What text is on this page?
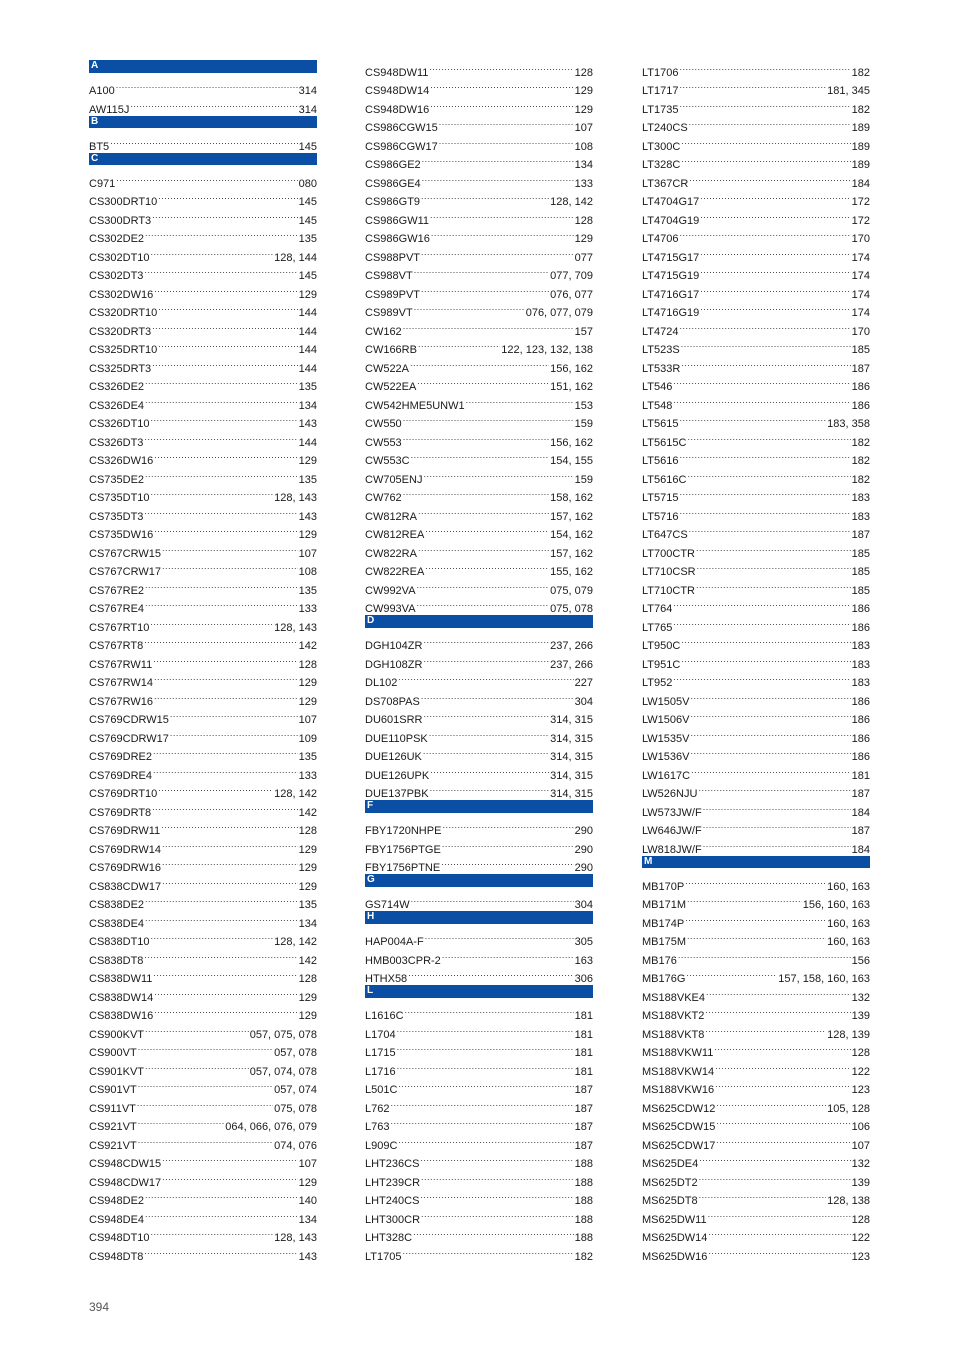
A
A100 .....	314
AW115J .....	314
B
BT5 .....	145
C
C971 .....	080
CS300DRT10 .....	145
CS300DRT3 .....	145
CS302DE2 .....	135
CS302DT10 .....	128, 144
CS302DT3 .....	145
CS302DW16 .....	129
CS320DRT10 .....	144
CS320DRT3 .....	144
CS325DRT10 .....	144
CS325DRT3 .....	144
CS326DE2 .....	135
CS326DE4 .....	134
CS326DT10 .....	143
CS326DT3 .....	144
CS326DW16 .....	129
CS735DE2 .....	135
CS735DT10 .....	128, 143
CS735DT3 .....	143
CS735DW16 .....	129
CS767CRW15 .....	107
CS767CRW17 .....	108
CS767RE2 .....	135
CS767RE4 .....	133
CS767RT10 .....	128, 143
CS767RT8 .....	142
CS767RW11 .....	128
CS767RW14 .....	129
CS767RW16 .....	129
CS769CDRW15 .....	107
CS769CDRW17 .....	109
CS769DRE2 .....	135
CS769DRE4 .....	133
CS769DRT10 .....	128, 142
CS769DRT8 .....	142
CS769DRW11 .....	128
CS769DRW14 .....	129
CS769DRW16 .....	129
CS838CDW17 .....	129
CS838DE2 .....	135
CS838DE4 .....	134
CS838DT10 .....	128, 142
CS838DT8 .....	142
CS838DW11 .....	128
CS838DW14 .....	129
CS838DW16 .....	129
CS900KVT .....	057, 075, 078
CS900VT .....	057, 078
CS901KVT .....	057, 074, 078
CS901VT .....	057, 074
CS911VT .....	075, 078
CS921VT .....	064, 066, 076, 079
CS921VT .....	074, 076
CS948CDW15 .....	107
CS948CDW17 .....	129
CS948DE2 .....	140
CS948DE4 .....	134
CS948DT10 .....	128, 143
CS948DT8 .....	143
CS948DW11 .....	128
CS948DW14 .....	129
CS948DW16 .....	129
CS986CGW15 .....	107
CS986CGW17 .....	108
CS986GE2 .....	134
CS986GE4 .....	133
CS986GT9 .....	128, 142
CS986GW11 .....	128
CS986GW16 .....	129
CS988PVT .....	077
CS988VT .....	077, 709
CS989PVT .....	076, 077
CS989VT .....	076, 077, 079
CW162 .....	157
CW166RB .....	122, 123, 132, 138
CW522A .....	156, 162
CW522EA .....	151, 162
CW542HME5UNW1 .....	153
CW550 .....	159
CW553 .....	156, 162
CW553C .....	154, 155
CW705ENJ .....	159
CW762 .....	158, 162
CW812RA .....	157, 162
CW812REA .....	154, 162
CW822RA .....	157, 162
CW822REA .....	155, 162
CW992VA .....	075, 079
CW993VA .....	075, 078
D
DGH104ZR .....	237, 266
DGH108ZR .....	237, 266
DL102 .....	227
DS708PAS .....	304
DU601SRR .....	314, 315
DUE110PSK .....	314, 315
DUE126UK .....	314, 315
DUE126UPK .....	314, 315
DUE137PBK .....	314, 315
F
FBY1720NHPE .....	290
FBY1756PTGE .....	290
FBY1756PTNE .....	290
G
GS714W .....	304
H
HAP004A-F .....	305
HMB003CPR-2 .....	163
HTHX58 .....	306
L
L1616C .....	181
L1704 .....	181
L1715 .....	181
L1716 .....	181
L501C .....	187
L762 .....	187
L763 .....	187
L909C .....	187
LHT236CS .....	188
LHT239CR .....	188
LHT240CS .....	188
LHT300CR .....	188
LHT328C .....	188
LT1705 .....	182
LT1706 .....	182
LT1717 .....	181, 345
LT1735 .....	182
LT240CS .....	189
LT300C .....	189
LT328C .....	189
LT367CR .....	184
LT4704G17 .....	172
LT4704G19 .....	172
LT4706 .....	170
LT4715G17 .....	174
LT4715G19 .....	174
LT4716G17 .....	174
LT4716G19 .....	174
LT4724 .....	170
LT523S .....	185
LT533R .....	187
LT546 .....	186
LT548 .....	186
LT5615 .....	183, 358
LT5615C .....	182
LT5616 .....	182
LT5616C .....	182
LT5715 .....	183
LT5716 .....	183
LT647CS .....	187
LT700CTR .....	185
LT710CSR .....	185
LT710CTR .....	185
LT764 .....	186
LT765 .....	186
LT950C .....	183
LT951C .....	183
LT952 .....	183
LW1505V .....	186
LW1506V .....	186
LW1535V .....	186
LW1536V .....	186
LW1617C .....	181
LW526NJU .....	187
LW573JW/F .....	184
LW646JW/F .....	187
LW818JW/F .....	184
M
MB170P .....	160, 163
MB171M .....	156, 160, 163
MB174P .....	160, 163
MB175M .....	160, 163
MB176 .....	156
MB176G .....	157, 158, 160, 163
MS188VKE4 .....	132
MS188VKT2 .....	139
MS188VKT8 .....	128, 139
MS188VKW11 .....	128
MS188VKW14 .....	122
MS188VKW16 .....	123
MS625CDW12 .....	105, 128
MS625CDW15 .....	106
MS625CDW17 .....	107
MS625DE4 .....	132
MS625DT2 .....	139
MS625DT8 .....	128, 138
MS625DW11 .....	128
MS625DW14 .....	122
MS625DW16 .....	123
394
